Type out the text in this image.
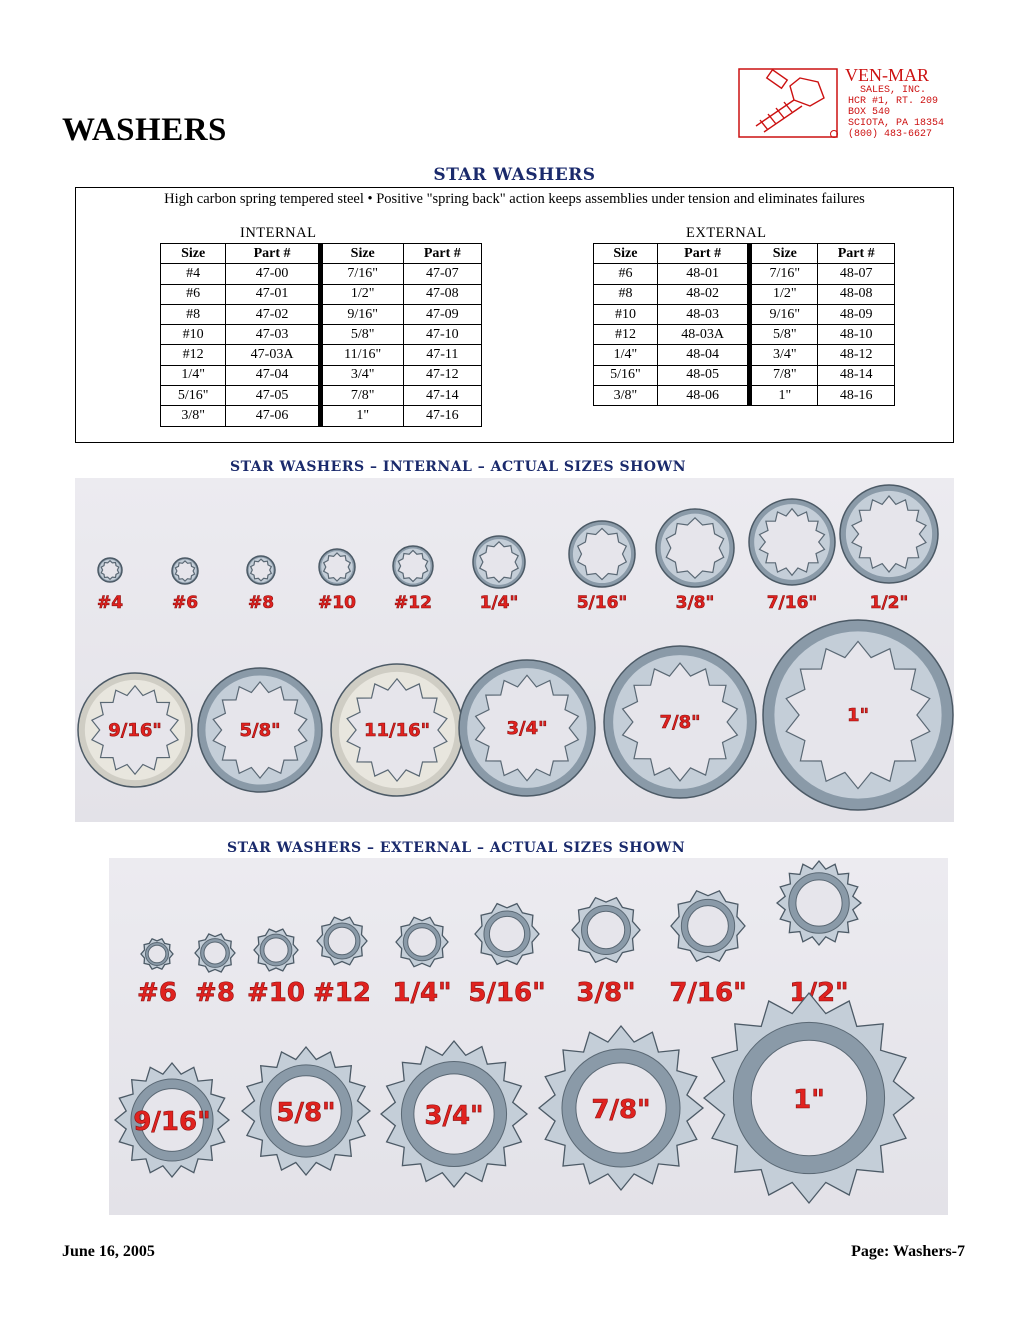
WASHERS
VEN-MAR
SALES, INC.
HCR #1, RT. 209
BOX 540
SCIOTA, PA 18354
(800) 483-6627
STAR WASHERS
High carbon spring tempered steel • Positive "spring back" action keeps assemblies under tension and eliminates failures
INTERNAL
Size	Part #	Size	Part #
#4	47-00	7/16"	47-07
#6	47-01	1/2"	47-08
#8	47-02	9/16"	47-09
#10	47-03	5/8"	47-10
#12	47-03A	11/16"	47-11
1/4"	47-04	3/4"	47-12
5/16"	47-05	7/8"	47-14
3/8"	47-06	1"	47-16
EXTERNAL
Size	Part #	Size	Part #
#6	48-01	7/16"	48-07
#8	48-02	1/2"	48-08
#10	48-03	9/16"	48-09
#12	48-03A	5/8"	48-10
1/4"	48-04	3/4"	48-12
5/16"	48-05	7/8"	48-14
3/8"	48-06	1"	48-16
STAR WASHERS – INTERNAL – ACTUAL SIZES SHOWN
#4	#6	#8	#10 #12	1/4"	5/16"	3/8"	7/16"	1/2"
9/16"	5/8"	11/16"	3/4"	7/8"	1"
STAR WASHERS – EXTERNAL – ACTUAL SIZES SHOWN
#6 #8 #10 #12 1/4" 5/16" 3/8" 7/16" 1/2"
9/16"	5/8"	3/4"	7/8"	1"
June 16, 2005	Page: Washers-7
